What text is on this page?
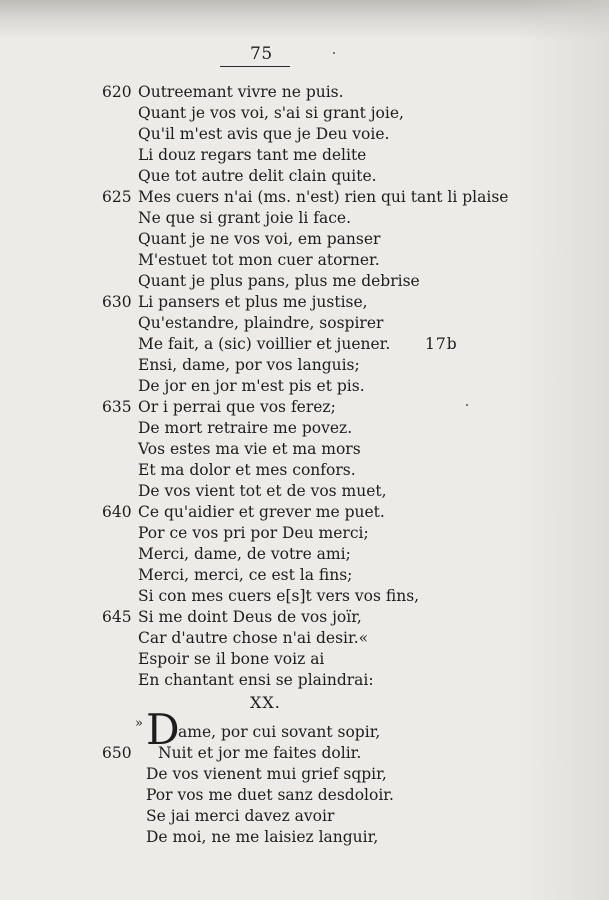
75
620 Outreemant vivre ne puis.
Quant je vos voi, s'ai si grant joie,
Qu'il m'est avis que je Deu voie.
Li douz regars tant me delite
Que tot autre delit clain quite.
625 Mes cuers n'ai (ms. n'est) rien qui tant li plaise
Ne que si grant joie li face.
Quant je ne vos voi, em panser
M'estuet tot mon cuer atorner.
Quant je plus pans, plus me debrise
630 Li pansers et plus me justise,
Qu'estandre, plaindre, sospirer
Me fait, a (sic) voillier et juener. 17b
Ensi, dame, por vos languis;
De jor en jor m'est pis et pis.
635 Or i perrai que vos ferez;
De mort retraire me povez.
Vos estes ma vie et ma mors
Et ma dolor et mes confors.
De vos vient tot et de vos muet,
640 Ce qu'aidier et grever me puet.
Por ce vos pri por Deu merci;
Merci, dame, de votre ami;
Merci, merci, ce est la fins;
Si con mes cuers e[s]t vers vos fins,
645 Si me doint Deus de vos joïr,
Car d'autre chose n'ai desir.«
Espoir se il bone voiz ai
En chantant ensi se plaindrai:
XX.
» D
ame, por cui sovant sopir,
650	Nuit et jor me faites dolir.
De vos vienent mui grief sqpir,
Por vos me duet sanz desdoloir.
Se jai merci davez avoir
De moi, ne me laisiez languir,
